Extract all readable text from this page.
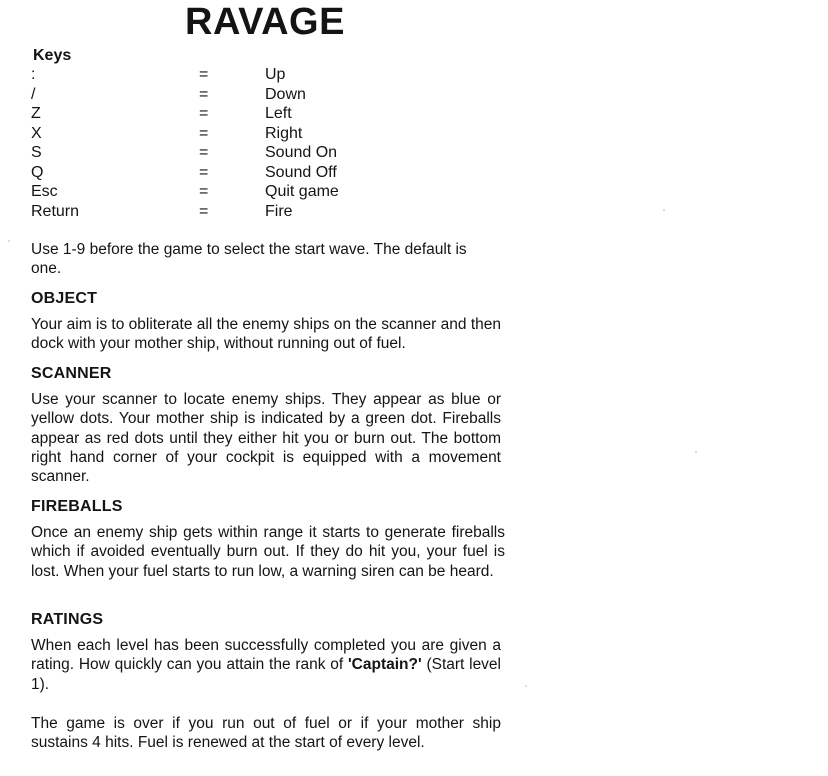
RAVAGE
Keys
:	=	Up
/	=	Down
Z	=	Left
X	=	Right
S	=	Sound On
Q	=	Sound Off
Esc	=	Quit game
Return	=	Fire
Use 1-9 before the game to select the start wave. The default is one.
OBJECT
Your aim is to obliterate all the enemy ships on the scanner and then dock with your mother ship, without running out of fuel.
SCANNER
Use your scanner to locate enemy ships. They appear as blue or yellow dots. Your mother ship is indicated by a green dot. Fireballs appear as red dots until they either hit you or burn out. The bottom right hand corner of your cockpit is equipped with a movement scanner.
FIREBALLS
Once an enemy ship gets within range it starts to generate fireballs which if avoided eventually burn out. If they do hit you, your fuel is lost. When your fuel starts to run low, a warning siren can be heard.
RATINGS
When each level has been successfully completed you are given a rating. How quickly can you attain the rank of 'Captain?' (Start level 1).
The game is over if you run out of fuel or if your mother ship sustains 4 hits. Fuel is renewed at the start of every level.
